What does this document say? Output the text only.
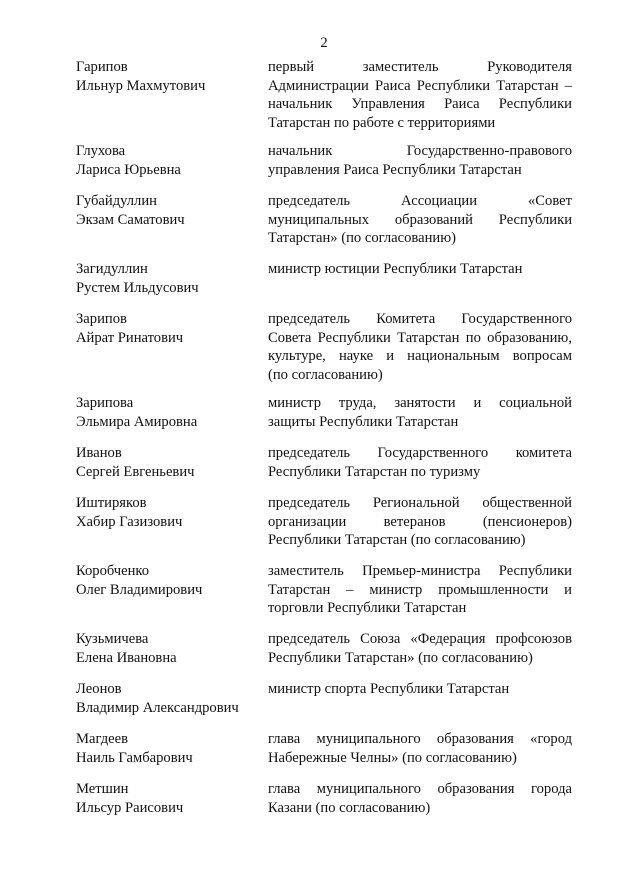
2
Гарипов
Ильнур Махмутович
первый заместитель Руководителя
Администрации Раиса Республики Татарстан –
начальник Управления Раиса Республики
Татарстан по работе с территориями
Глухова
Лариса Юрьевна
начальник Государственно-правового
управления Раиса Республики Татарстан
Губайдуллин
Экзам Саматович
председатель Ассоциации «Совет
муниципальных образований Республики
Татарстан» (по согласованию)
Загидуллин
Рустем Ильдусович
министр юстиции Республики Татарстан
Зарипов
Айрат Ринатович
председатель Комитета Государственного
Совета Республики Татарстан по образованию,
культуре, науке и национальным вопросам
(по согласованию)
Зарипова
Эльмира Амировна
министр труда, занятости и социальной
защиты Республики Татарстан
Иванов
Сергей Евгеньевич
председатель Государственного комитета
Республики Татарстан по туризму
Иштиряков
Хабир Газизович
председатель Региональной общественной
организации ветеранов (пенсионеров)
Республики Татарстан (по согласованию)
Коробченко
Олег Владимирович
заместитель Премьер-министра Республики
Татарстан – министр промышленности и
торговли Республики Татарстан
Кузьмичева
Елена Ивановна
председатель Союза «Федерация профсоюзов
Республики Татарстан» (по согласованию)
Леонов
Владимир Александрович
министр спорта Республики Татарстан
Магдеев
Наиль Гамбарович
глава муниципального образования «город
Набережные Челны» (по согласованию)
Метшин
Ильсур Раисович
глава муниципального образования города
Казани (по согласованию)
